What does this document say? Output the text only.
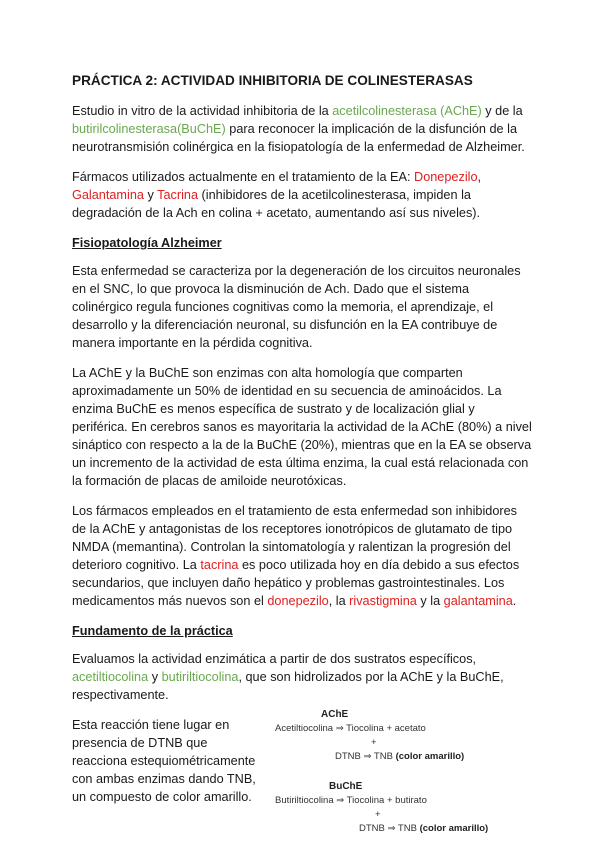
PRÁCTICA 2: ACTIVIDAD INHIBITORIA DE COLINESTERASAS

Estudio in vitro de la actividad inhibitoria de la acetilcolinesterasa (AChE) y de la butirilcolinesterasa(BuChE) para reconocer la implicación de la disfunción de la neurotransmisión colinérgica en la fisiopatología de la enfermedad de Alzheimer.

Fármacos utilizados actualmente en el tratamiento de la EA: Donepezilo, Galantamina y Tacrina (inhibidores de la acetilcolinesterasa, impiden la degradación de la Ach en colina + acetato, aumentando así sus niveles).

Fisiopatología Alzheimer

Esta enfermedad se caracteriza por la degeneración de los circuitos neuronales en el SNC, lo que provoca la disminución de Ach. Dado que el sistema colinérgico regula funciones cognitivas como la memoria, el aprendizaje, el desarrollo y la diferenciación neuronal, su disfunción en la EA contribuye de manera importante en la pérdida cognitiva.

La AChE y la BuChE son enzimas con alta homología que comparten aproximadamente un 50% de identidad en su secuencia de aminoácidos. La enzima BuChE es menos específica de sustrato y de localización glial y periférica. En cerebros sanos es mayoritaria la actividad de la AChE (80%) a nivel sináptico con respecto a la de la BuChE (20%), mientras que en la EA se observa un incremento de la actividad de esta última enzima, la cual está relacionada con la formación de placas de amiloide neurotóxicas.

Los fármacos empleados en el tratamiento de esta enfermedad son inhibidores de la AChE y antagonistas de los receptores ionotrópicos de glutamato de tipo NMDA (memantina). Controlan la sintomatología y ralentizan la progresión del deterioro cognitivo. La tacrina es poco utilizada hoy en día debido a sus efectos secundarios, que incluyen daño hepático y problemas gastrointestinales. Los medicamentos más nuevos son el donepezilo, la rivastigmina y la galantamina.

Fundamento de la práctica

Evaluamos la actividad enzimática a partir de dos sustratos específicos, acetiltiocolina y butiriltiocolina, que son hidrolizados por la AChE y la BuChE, respectivamente.

Esta reacción tiene lugar en presencia de DTNB que reacciona estequiométricamente con ambas enzimas dando TNB, un compuesto de color amarillo.
AChE
Acetiltiocolina ⇒ Tiocolina + acetato
+
DTNB ⇒ TNB (color amarillo)
BuChE
Butiriltiocolina ⇒ Tiocolina + butirato
+
DTNB ⇒ TNB (color amarillo)
